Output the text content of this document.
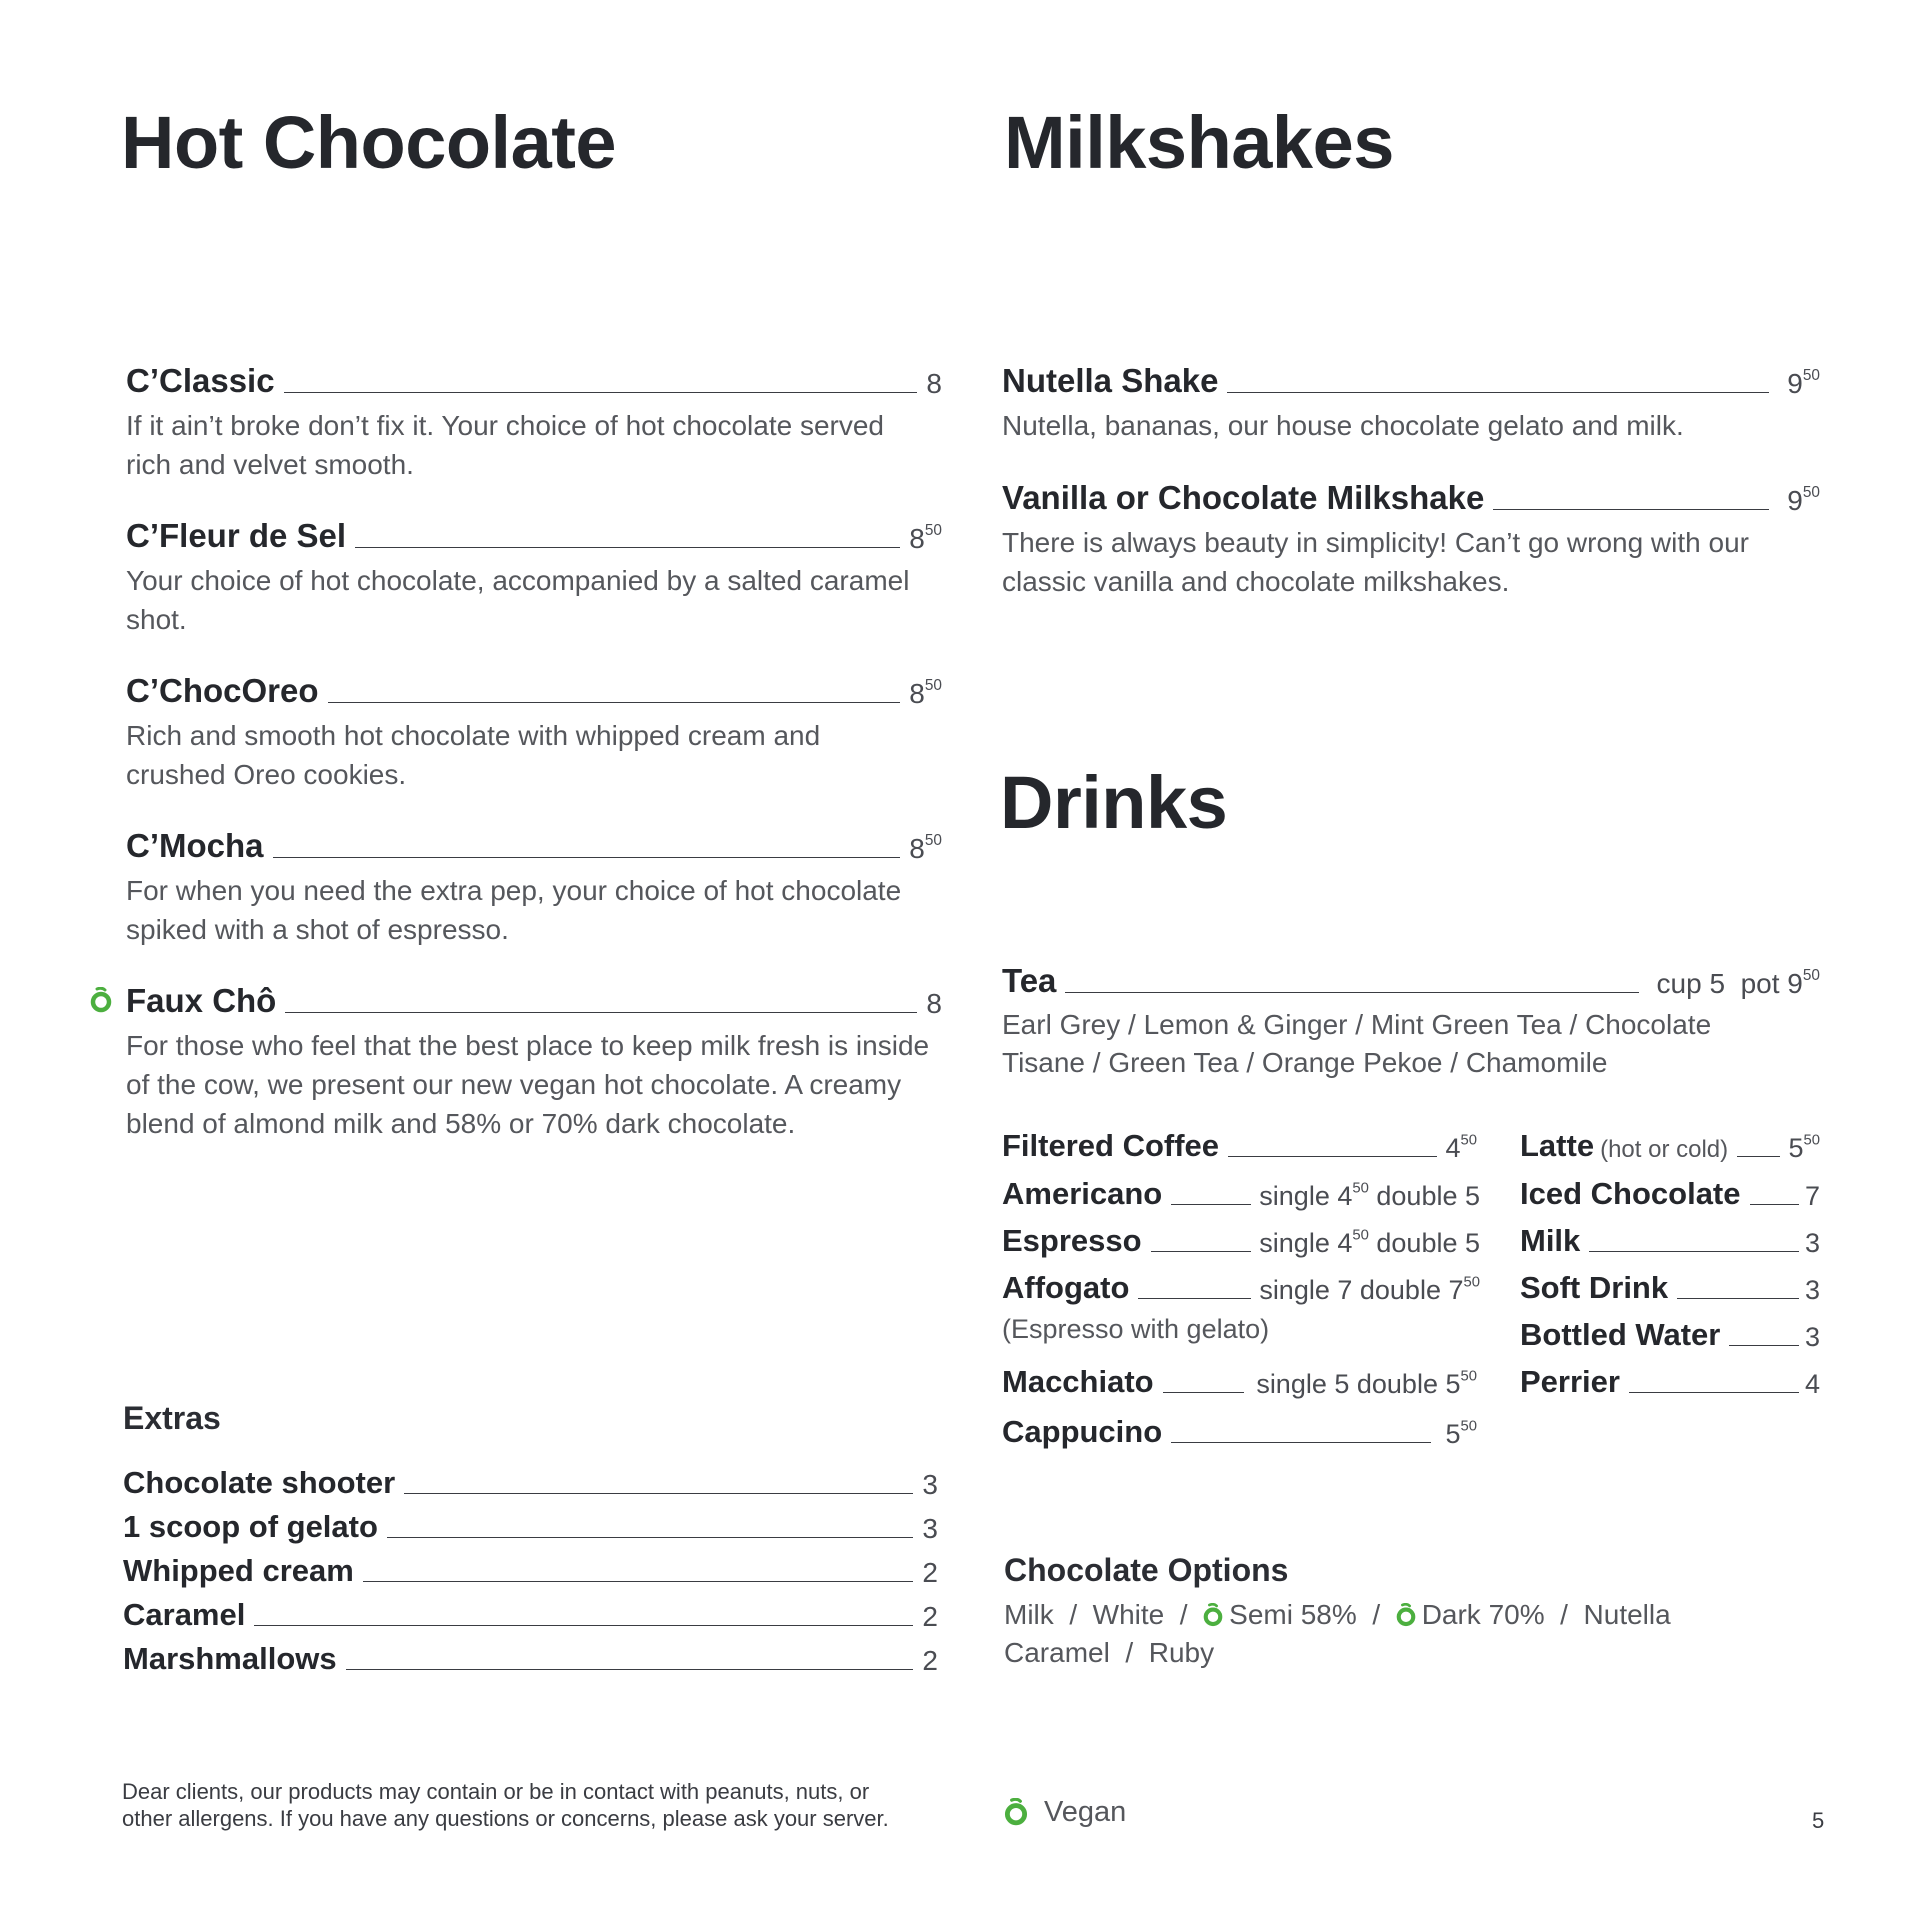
Hot Chocolate	Milkshakes
Drinks
C’Classic	8
If it ain’t broke don’t fix it. Your choice of hot chocolate served rich and velvet smooth.
C’Fleur de Sel	$8^{50}$
Your choice of hot chocolate, accompanied by a salted caramel shot.
C’ChocOreo	$8^{50}$
Rich and smooth hot chocolate with whipped cream and crushed Oreo cookies.
C’Mocha	$8^{50}$
For when you need the extra pep, your choice of hot chocolate spiked with a shot of espresso.
Faux Chô	8
For those who feel that the best place to keep milk fresh is inside of the cow, we present our new vegan hot chocolate. A creamy blend of almond milk and 58% or 70% dark chocolate.
Extras
Chocolate shooter	3
1 scoop of gelato	3
Whipped cream	2
Caramel	2
Marshmallows	2
Nutella Shake	$9^{50}$
Nutella, bananas, our house chocolate gelato and milk.
Vanilla or Chocolate Milkshake	$9^{50}$
There is always beauty in simplicity! Can’t go wrong with our classic vanilla and chocolate milkshakes.
Tea	cup 5 pot $9^{50}$
Earl Grey / Lemon & Ginger / Mint Green Tea / Chocolate
Tisane / Green Tea / Orange Pekoe / Chamomile
Filtered Coffee	$4^{50}$
Americano	single $4^{50}$ double 5
Espresso	single $4^{50}$ double 5
Affogato	single 7 double $7^{50}$
(Espresso with gelato)
Macchiato	single 5 double $5^{50}$
Cappucino	$5^{50}$
Latte (hot or cold) $5^{50}$
Iced Chocolate 7
Milk	3
Soft Drink	3
Bottled Water	3
Perrier	4
Chocolate Options
Milk  /  White  /  Semi 58%  /  Dark 70%  /  Nutella
Caramel  /  Ruby
Dear clients, our products may contain or be in contact with peanuts, nuts, or
other allergens. If you have any questions or concerns, please ask your server.	Vegan	5
